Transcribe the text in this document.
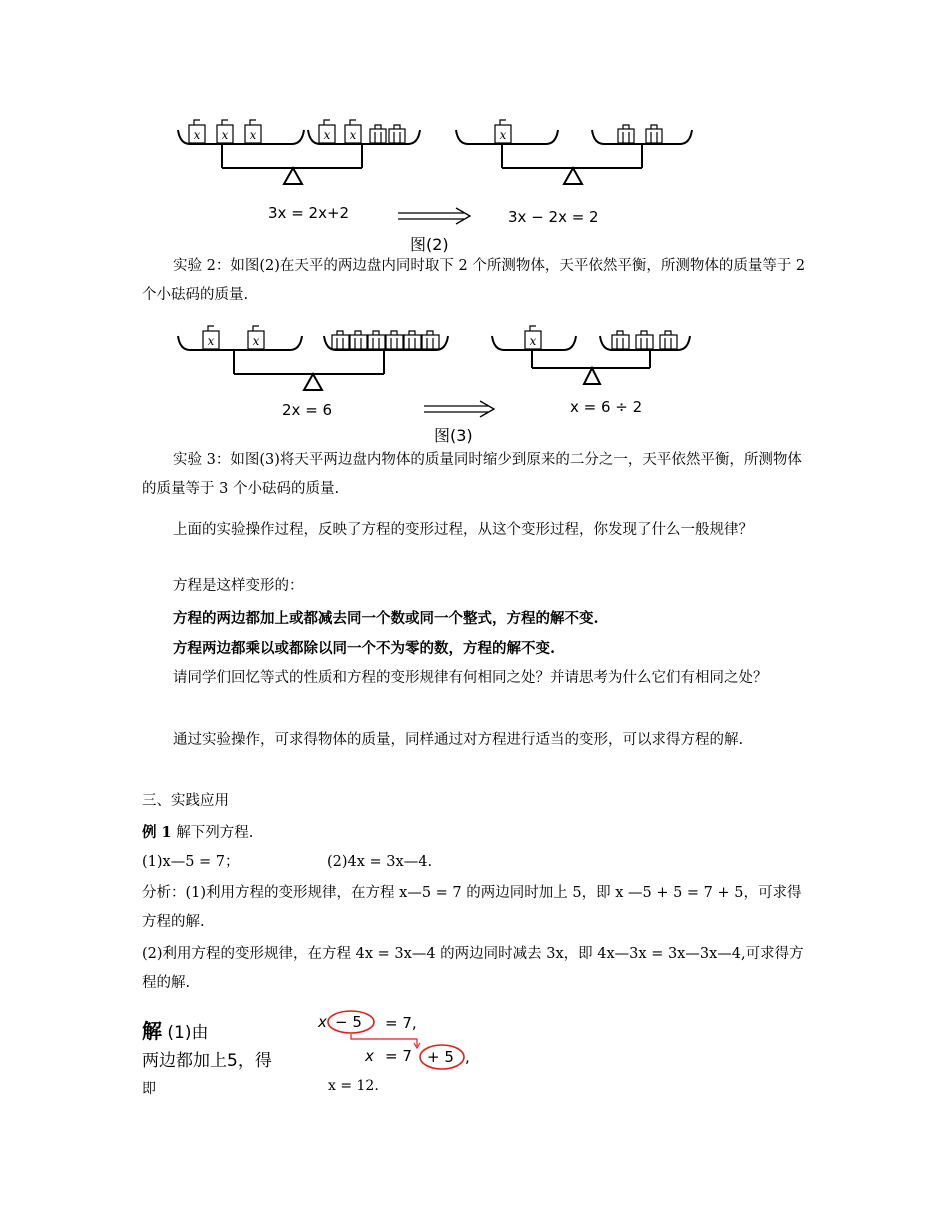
x x x	x x	x
3x = 2x+2	3x − 2x = 2
图(2)

实验 2：如图(2)在天平的两边盘内同时取下 2 个所测物体，天平依然平衡，所测物体的质量等于 2 个小砝码的质量.

x	x	x
2x = 6	x = 6 ÷ 2
图(3)

实验 3：如图(3)将天平两边盘内物体的质量同时缩少到原来的二分之一，天平依然平衡，所测物体的质量等于 3 个小砝码的质量.

上面的实验操作过程，反映了方程的变形过程，从这个变形过程，你发现了什么一般规律？

方程是这样变形的：

方程的两边都加上或都减去同一个数或同一个整式，方程的解不变.

方程两边都乘以或都除以同一个不为零的数，方程的解不变.

请同学们回忆等式的性质和方程的变形规律有何相同之处？并请思考为什么它们有相同之处？

通过实验操作，可求得物体的质量，同样通过对方程进行适当的变形，可以求得方程的解.

三、实践应用

例 1 解下列方程.
(1)x—5 = 7；	(2)4x = 3x—4.

分析：(1)利用方程的变形规律，在方程 x—5 = 7 的两边同时加上 5，即 x —5 + 5 = 7 + 5，可求得方程的解.

(2)利用方程的变形规律，在方程 4x = 3x—4 的两边同时减去 3x，即 4x—3x = 3x—3x—4,可求得方程的解.

解 (1)由
两边都加上5，得
即
x − 5 = 7,
x = 7 + 5 ,
x = 12.
